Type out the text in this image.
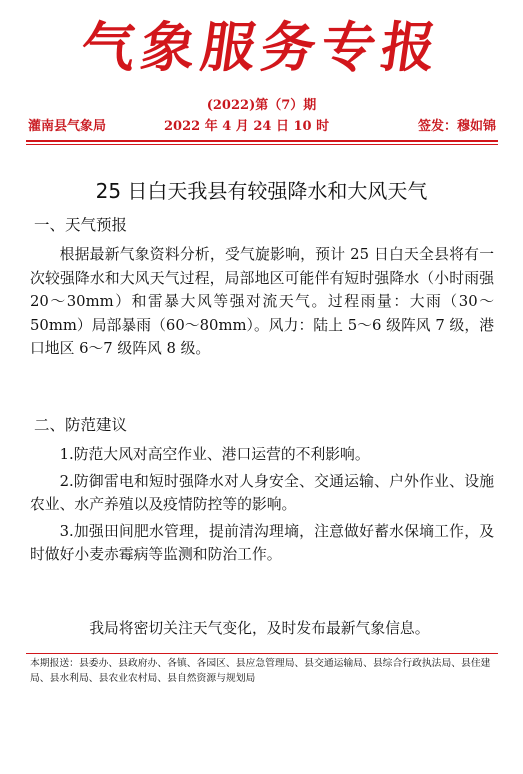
气象服务专报
(2022)第（7）期
灌南县气象局	2022 年 4 月 24 日 10 时	签发：穆如锦
25 日白天我县有较强降水和大风天气
一、天气预报
根据最新气象资料分析，受气旋影响，预计 25 日白天全县将有一次较强降水和大风天气过程，局部地区可能伴有短时强降水（小时雨强 20～30mm）和雷暴大风等强对流天气。过程雨量：大雨（30～50mm）局部暴雨（60～80mm）。风力：陆上 5～6 级阵风 7 级，港口地区 6～7 级阵风 8 级。
二、防范建议
1.防范大风对高空作业、港口运营的不利影响。
2.防御雷电和短时强降水对人身安全、交通运输、户外作业、设施农业、水产养殖以及疫情防控等的影响。
3.加强田间肥水管理，提前清沟理墒，注意做好蓄水保墒工作，及时做好小麦赤霉病等监测和防治工作。
我局将密切关注天气变化，及时发布最新气象信息。
本期报送：县委办、县政府办、各镇、各园区、县应急管理局、县交通运输局、县综合行政执法局、县住建局、县水利局、县农业农村局、县自然资源与规划局
